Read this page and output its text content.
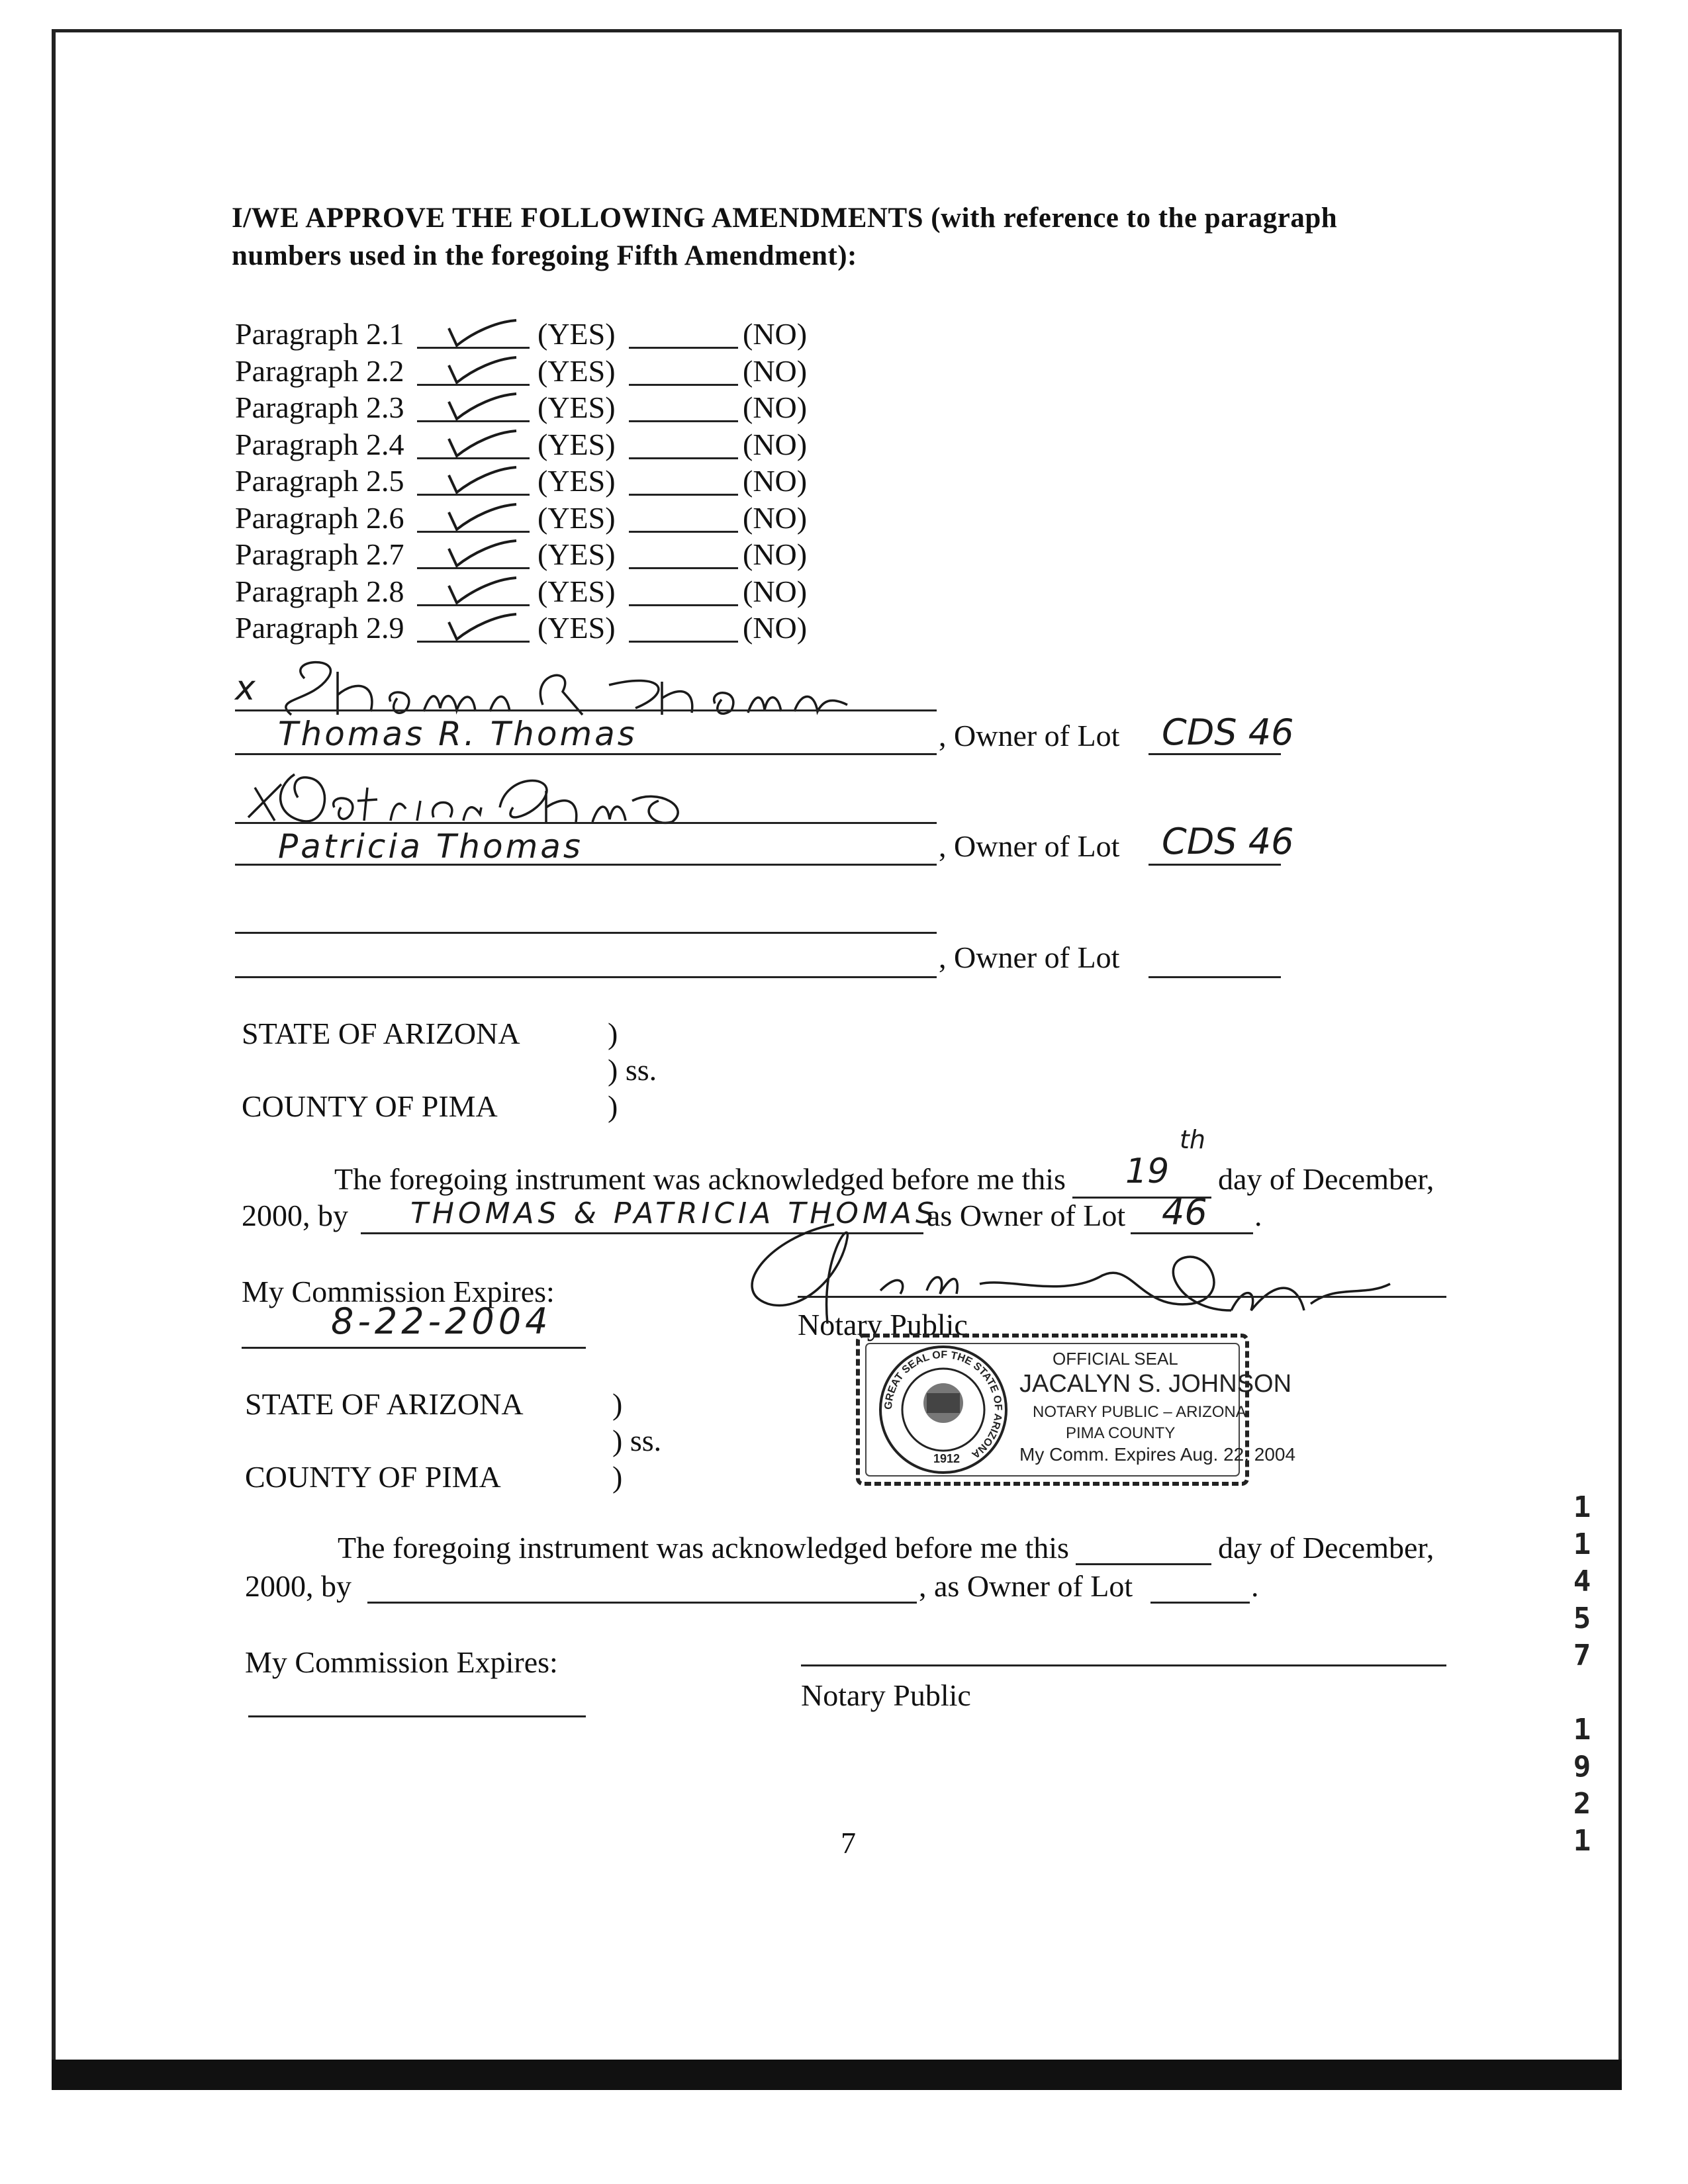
I/WE APPROVE THE FOLLOWING AMENDMENTS (with reference to the paragraph
numbers used in the foregoing Fifth Amendment):
Paragraph 2.1	(YES)	(NO)
Paragraph 2.2	(YES)	(NO)
Paragraph 2.3	(YES)	(NO)
Paragraph 2.4	(YES)	(NO)
Paragraph 2.5	(YES)	(NO)
Paragraph 2.6	(YES)	(NO)
Paragraph 2.7	(YES)	(NO)
Paragraph 2.8	(YES)	(NO)
Paragraph 2.9	(YES)	(NO)
x
Thomas R. Thomas	, Owner of Lot CDS 46
Patricia Thomas	, Owner of Lot CDS 46
, Owner of Lot
STATE OF ARIZONA	)
) ss.
COUNTY OF PIMA	)
The foregoing instrument was acknowledged before me this 19
th
day of December,
2000, by THOMAS & PATRICIA THOMAS
as Owner of Lot 46 .
My Commission Expires:
8-22-2004	Notary Public
GREAT SEAL OF THE STATE OF ARIZONA
1912
OFFICIAL SEAL
JACALYN S. JOHNSON
NOTARY PUBLIC – ARIZONA
PIMA COUNTY
My Comm. Expires Aug. 22, 2004
STATE OF ARIZONA	)
) ss.
COUNTY OF PIMA	)
The foregoing instrument was acknowledged before me this	day of December,
2000, by	, as Owner of Lot	.
My Commission Expires:
Notary Public
7
1
1
4
5
7
1
9
2
1
